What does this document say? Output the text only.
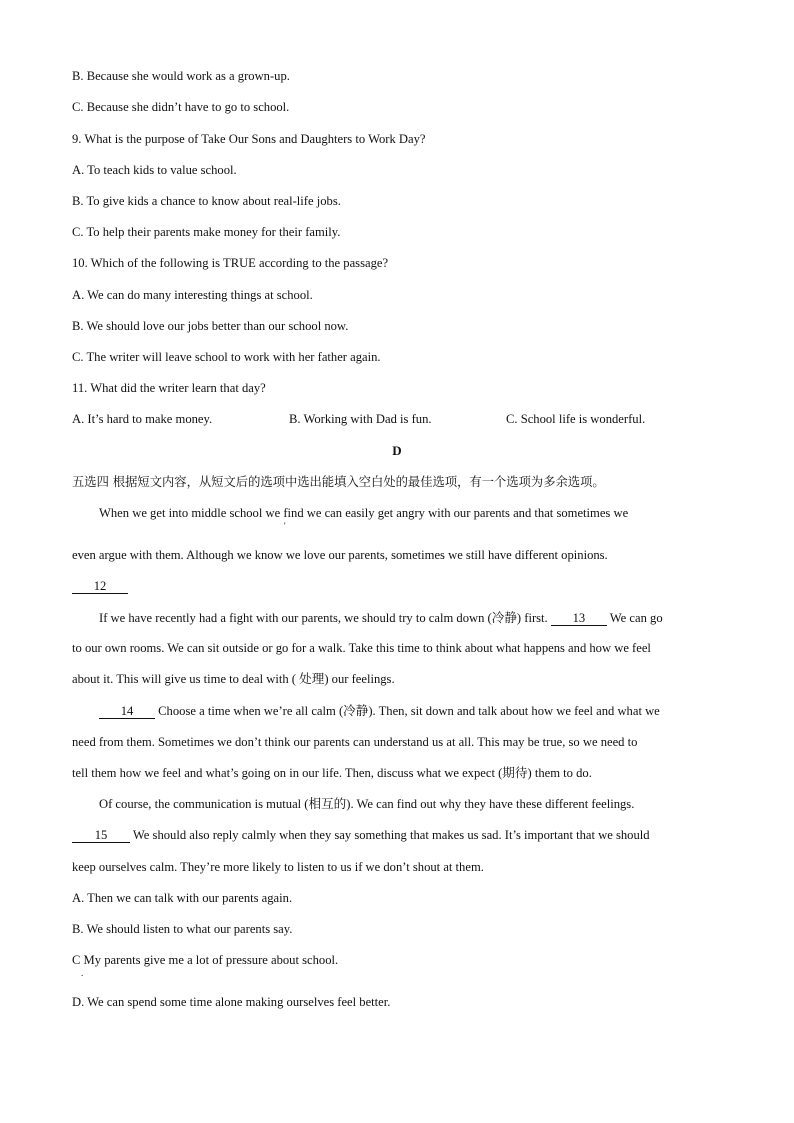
B. Because she would work as a grown-up.
C. Because she didn’t have to go to school.
9. What is the purpose of Take Our Sons and Daughters to Work Day?
A. To teach kids to value school.
B. To give kids a chance to know about real-life jobs.
C. To help their parents make money for their family.
10. Which of the following is TRUE according to the passage?
A. We can do many interesting things at school.
B. We should love our jobs better than our school now.
C. The writer will leave school to work with her father again.
11. What did the writer learn that day?
A. It’s hard to make money.	B. Working with Dad is fun.	C. School life is wonderful.
D
五选四 根据短文内容，从短文后的选项中选出能填入空白处的最佳选项，有一个选项为多余选项。
When we get into middle school we find we can easily get angry with our parents and that sometimes we
'
even argue with them. Although we know we love our parents, sometimes we still have different opinions.
12
If we have recently had a fight with our parents, we should try to calm down (冷静) first. 13 We can go
to our own rooms. We can sit outside or go for a walk. Take this time to think about what happens and how we feel
about it. This will give us time to deal with ( 处理) our feelings.
14 Choose a time when we’re all calm (冷静). Then, sit down and talk about how we feel and what we
need from them. Sometimes we don’t think our parents can understand us at all. This may be true, so we need to
tell them how we feel and what’s going on in our life. Then, discuss what we expect (期待) them to do.
Of course, the communication is mutual (相互的). We can find out why they have these different feelings.
15 We should also reply calmly when they say something that makes us sad. It’s important that we should
keep ourselves calm. They’re more likely to listen to us if we don’t shout at them.
A. Then we can talk with our parents again.
B. We should listen to what our parents say.
C My parents give me a lot of pressure about school.
.
D. We can spend some time alone making ourselves feel better.
